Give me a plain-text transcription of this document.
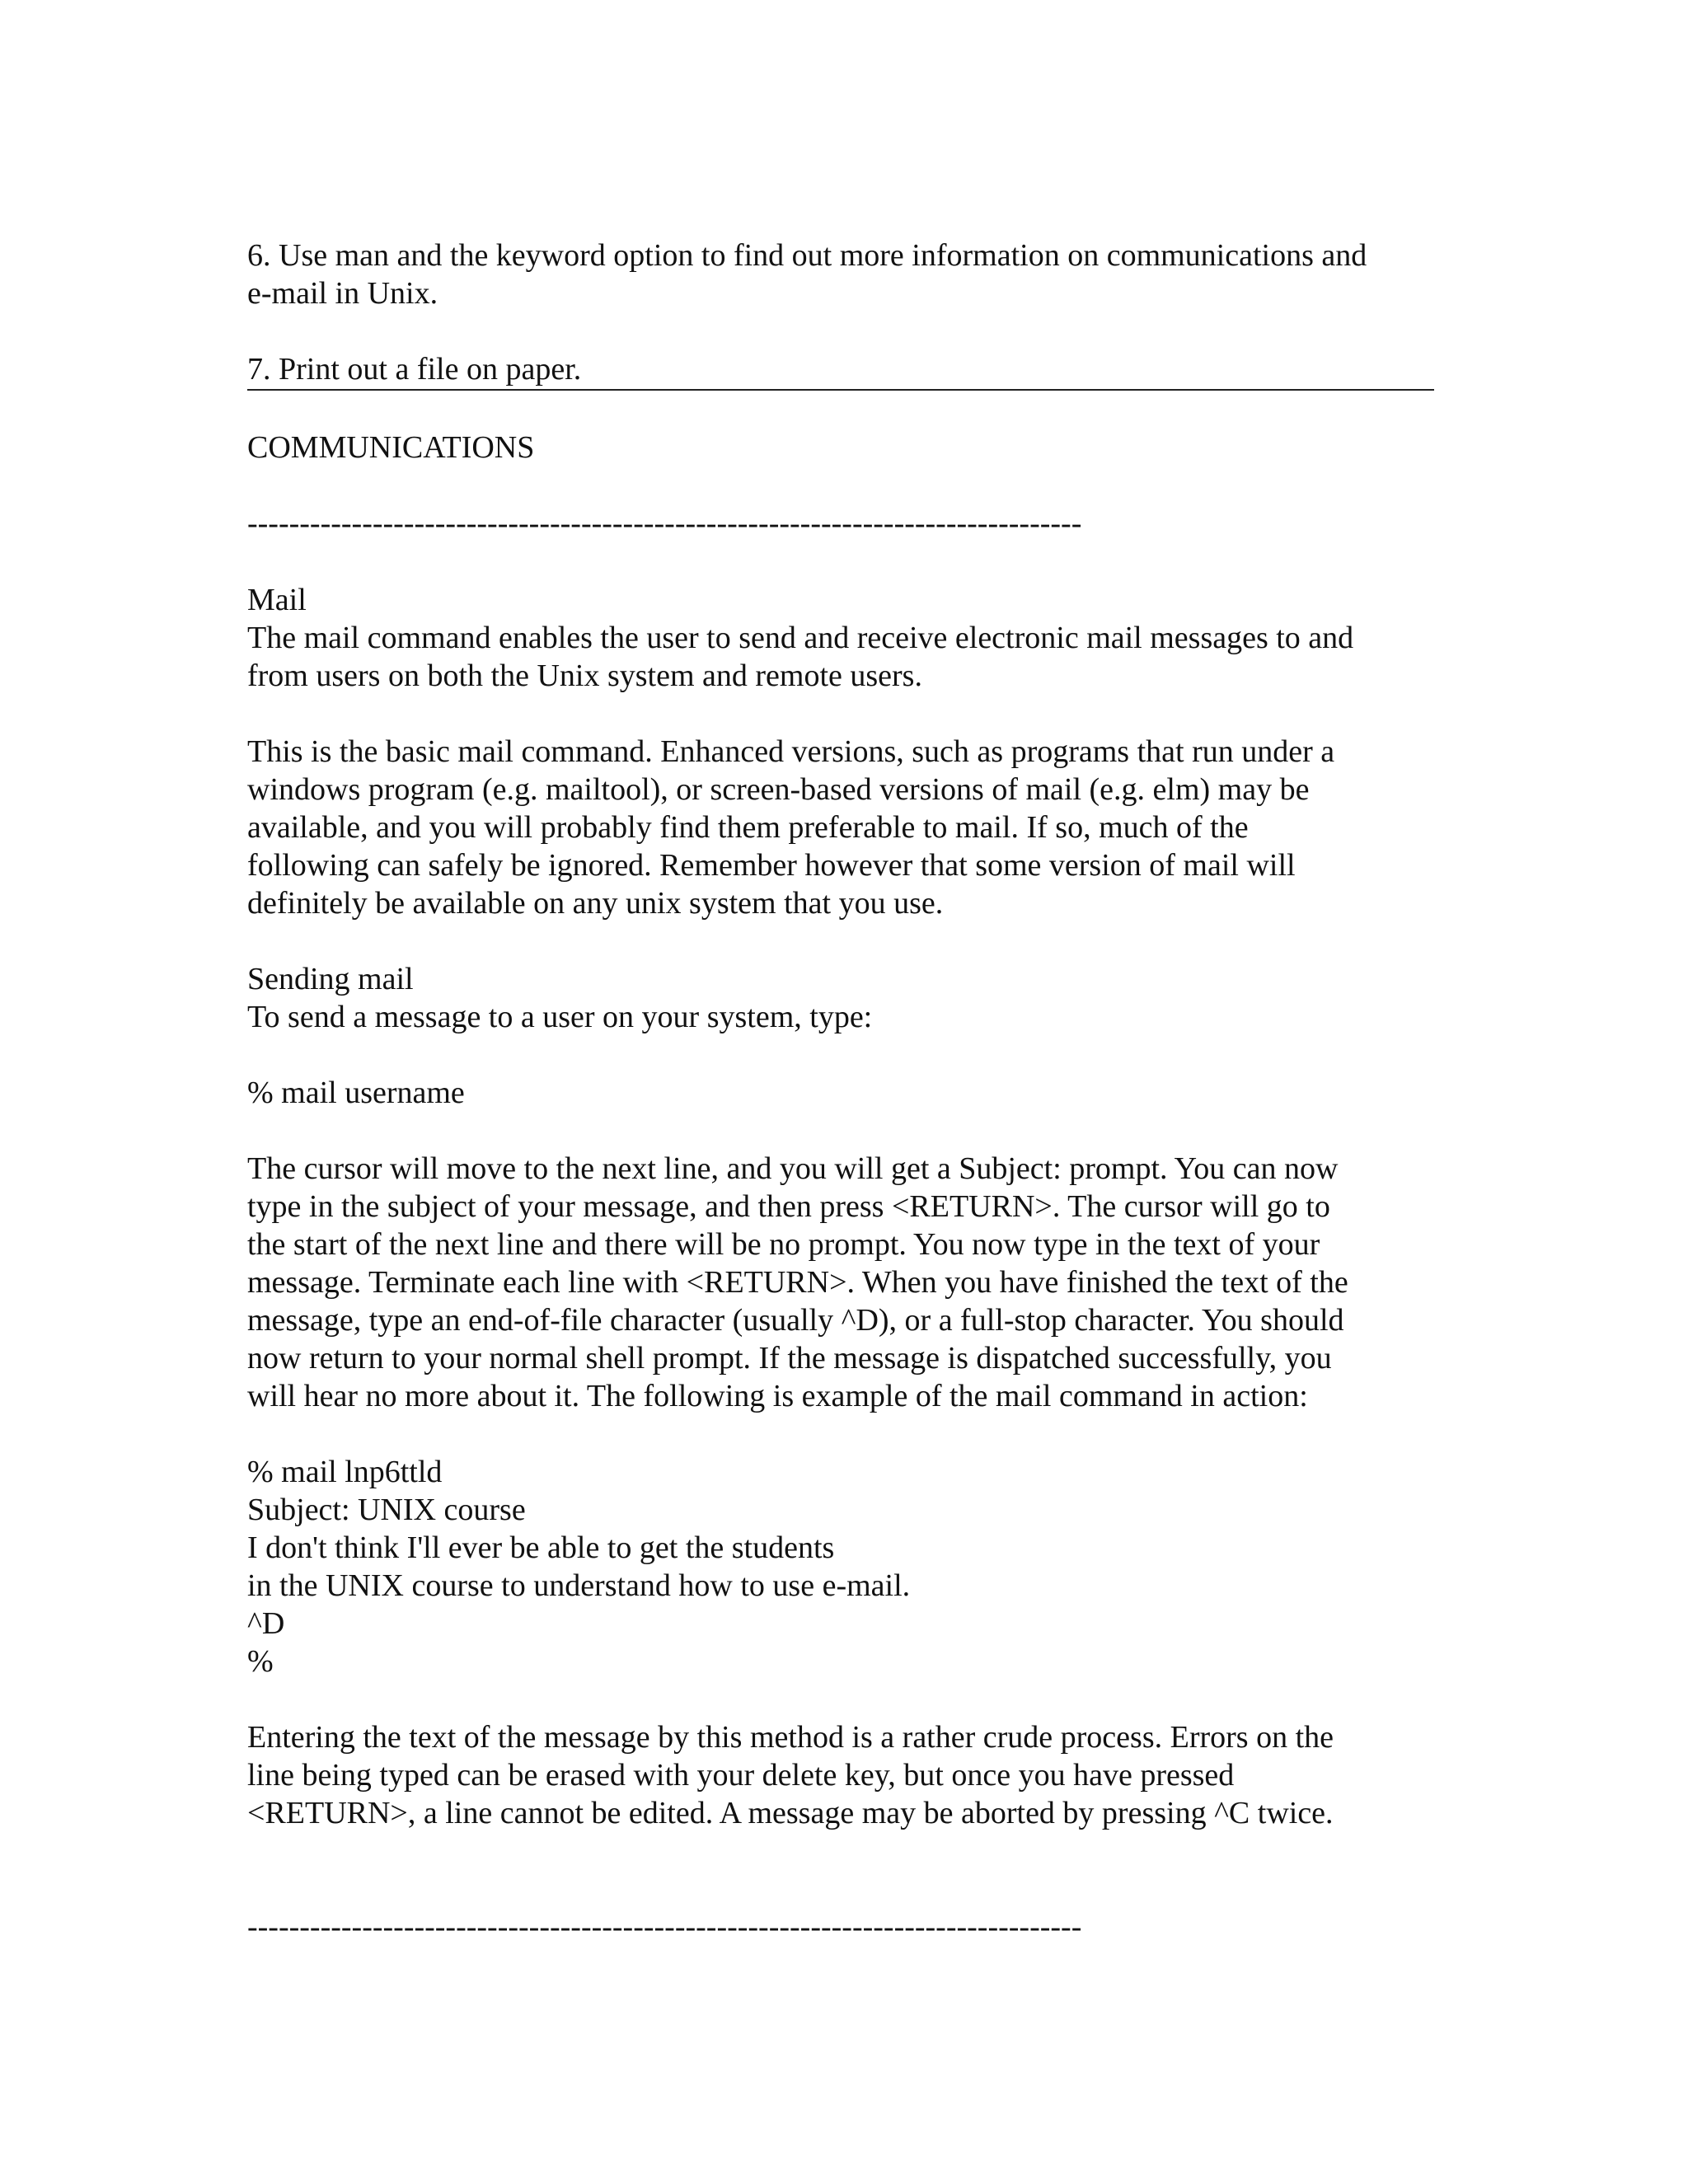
6. Use man and the keyword option to find out more information on communications and
e-mail in Unix.
7. Print out a file on paper.
COMMUNICATIONS
--------------------------------------------------------------------------------
Mail
The mail command enables the user to send and receive electronic mail messages to and
from users on both the Unix system and remote users.
This is the basic mail command. Enhanced versions, such as programs that run under a
windows program (e.g. mailtool), or screen-based versions of mail (e.g. elm) may be
available, and you will probably find them preferable to mail. If so, much of the
following can safely be ignored. Remember however that some version of mail will
definitely be available on any unix system that you use.
Sending mail
To send a message to a user on your system, type:
% mail username
The cursor will move to the next line, and you will get a Subject: prompt. You can now
type in the subject of your message, and then press <RETURN>. The cursor will go to
the start of the next line and there will be no prompt. You now type in the text of your
message. Terminate each line with <RETURN>. When you have finished the text of the
message, type an end-of-file character (usually ^D), or a full-stop character. You should
now return to your normal shell prompt. If the message is dispatched successfully, you
will hear no more about it. The following is example of the mail command in action:
% mail lnp6ttld
Subject: UNIX course
I don't think I'll ever be able to get the students
in the UNIX course to understand how to use e-mail.
^D
%
Entering the text of the message by this method is a rather crude process. Errors on the
line being typed can be erased with your delete key, but once you have pressed
<RETURN>, a line cannot be edited. A message may be aborted by pressing ^C twice.
--------------------------------------------------------------------------------
